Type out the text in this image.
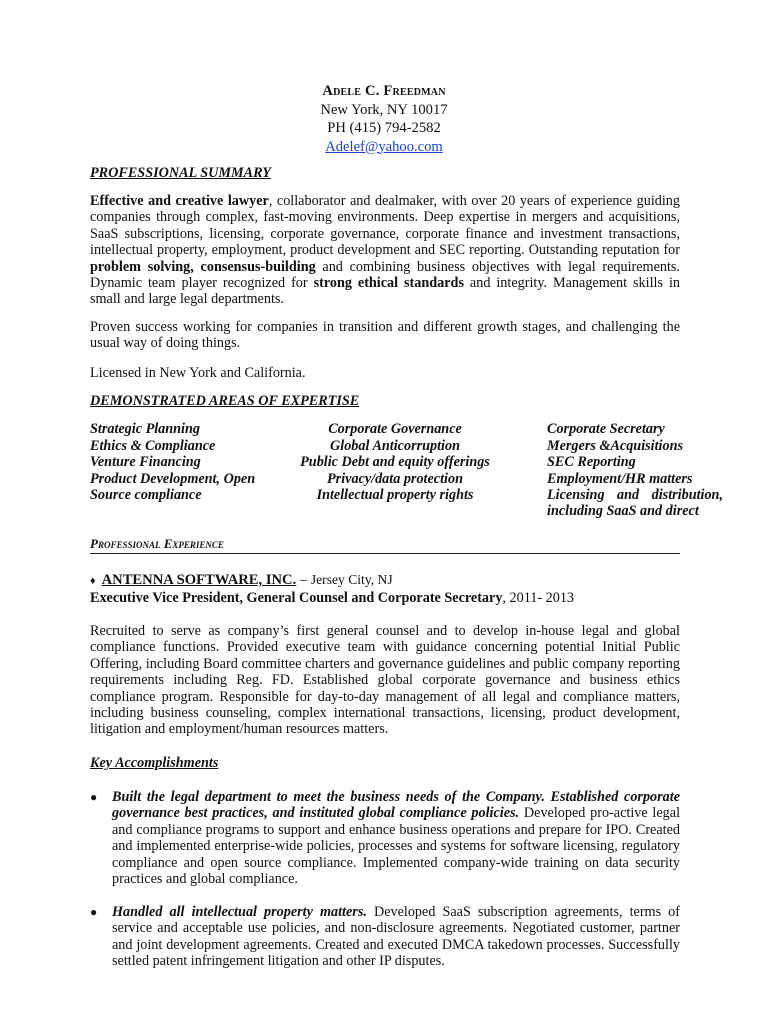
Adele C. Freedman
New York, NY 10017
PH (415) 794-2582
Adelef@yahoo.com
PROFESSIONAL SUMMARY
Effective and creative lawyer, collaborator and dealmaker, with over 20 years of experience guiding companies through complex, fast-moving environments. Deep expertise in mergers and acquisitions, SaaS subscriptions, licensing, corporate governance, corporate finance and investment transactions, intellectual property, employment, product development and SEC reporting. Outstanding reputation for problem solving, consensus-building and combining business objectives with legal requirements. Dynamic team player recognized for strong ethical standards and integrity. Management skills in small and large legal departments.
Proven success working for companies in transition and different growth stages, and challenging the usual way of doing things.
Licensed in New York and California.
DEMONSTRATED AREAS OF EXPERTISE
Strategic Planning
Ethics & Compliance
Venture Financing
Product Development, Open
Source compliance
Corporate Governance
Global Anticorruption
Public Debt and equity offerings
Privacy/data protection
Intellectual property rights
Corporate Secretary
Mergers &Acquisitions
SEC Reporting
Employment/HR matters
Licensing and distribution, including SaaS and direct
Professional Experience
♦ ANTENNA SOFTWARE, INC. – Jersey City, NJ
Executive Vice President, General Counsel and Corporate Secretary, 2011- 2013
Recruited to serve as company’s first general counsel and to develop in-house legal and global compliance functions. Provided executive team with guidance concerning potential Initial Public Offering, including Board committee charters and governance guidelines and public company reporting requirements including Reg. FD. Established global corporate governance and business ethics compliance program. Responsible for day-to-day management of all legal and compliance matters, including business counseling, complex international transactions, licensing, product development, litigation and employment/human resources matters.
Key Accomplishments
● Built the legal department to meet the business needs of the Company. Established corporate governance best practices, and instituted global compliance policies. Developed pro-active legal and compliance programs to support and enhance business operations and prepare for IPO. Created and implemented enterprise-wide policies, processes and systems for software licensing, regulatory compliance and open source compliance. Implemented company-wide training on data security practices and global compliance.
● Handled all intellectual property matters. Developed SaaS subscription agreements, terms of service and acceptable use policies, and non-disclosure agreements. Negotiated customer, partner and joint development agreements. Created and executed DMCA takedown processes. Successfully settled patent infringement litigation and other IP disputes.
